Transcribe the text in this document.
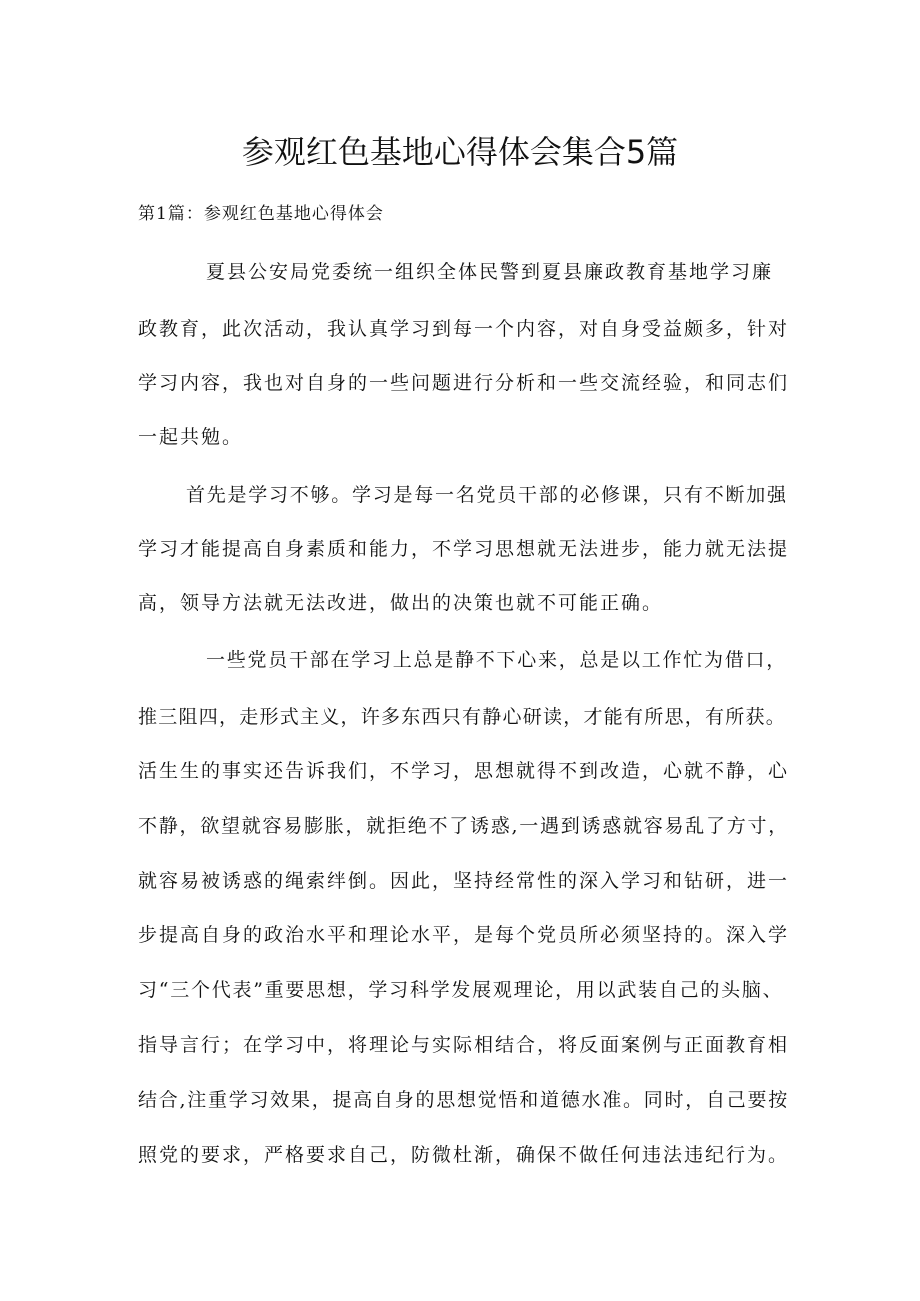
参观红色基地心得体会集合5篇
第1篇：参观红色基地心得体会

夏县公安局党委统一组织全体民警到夏县廉政教育基地学习廉

政教育，此次活动，我认真学习到每一个内容，对自身受益颇多，针对

学习内容，我也对自身的一些问题进行分析和一些交流经验，和同志们

一起共勉。

首先是学习不够。学习是每一名党员干部的必修课，只有不断加强

学习才能提高自身素质和能力，不学习思想就无法进步，能力就无法提

高，领导方法就无法改进，做出的决策也就不可能正确。

一些党员干部在学习上总是静不下心来，总是以工作忙为借口，

推三阻四，走形式主义，许多东西只有静心研读，才能有所思，有所获。

活生生的事实还告诉我们，不学习，思想就得不到改造，心就不静，心

不静，欲望就容易膨胀，就拒绝不了诱惑,一遇到诱惑就容易乱了方寸，

就容易被诱惑的绳索绊倒。因此，坚持经常性的深入学习和钻研，进一

步提高自身的政治水平和理论水平，是每个党员所必须坚持的。深入学

习“三个代表”重要思想，学习科学发展观理论，用以武装自己的头脑、

指导言行；在学习中，将理论与实际相结合，将反面案例与正面教育相

结合,注重学习效果，提高自身的思想觉悟和道德水准。同时，自己要按

照党的要求，严格要求自己，防微杜渐，确保不做任何违法违纪行为。
